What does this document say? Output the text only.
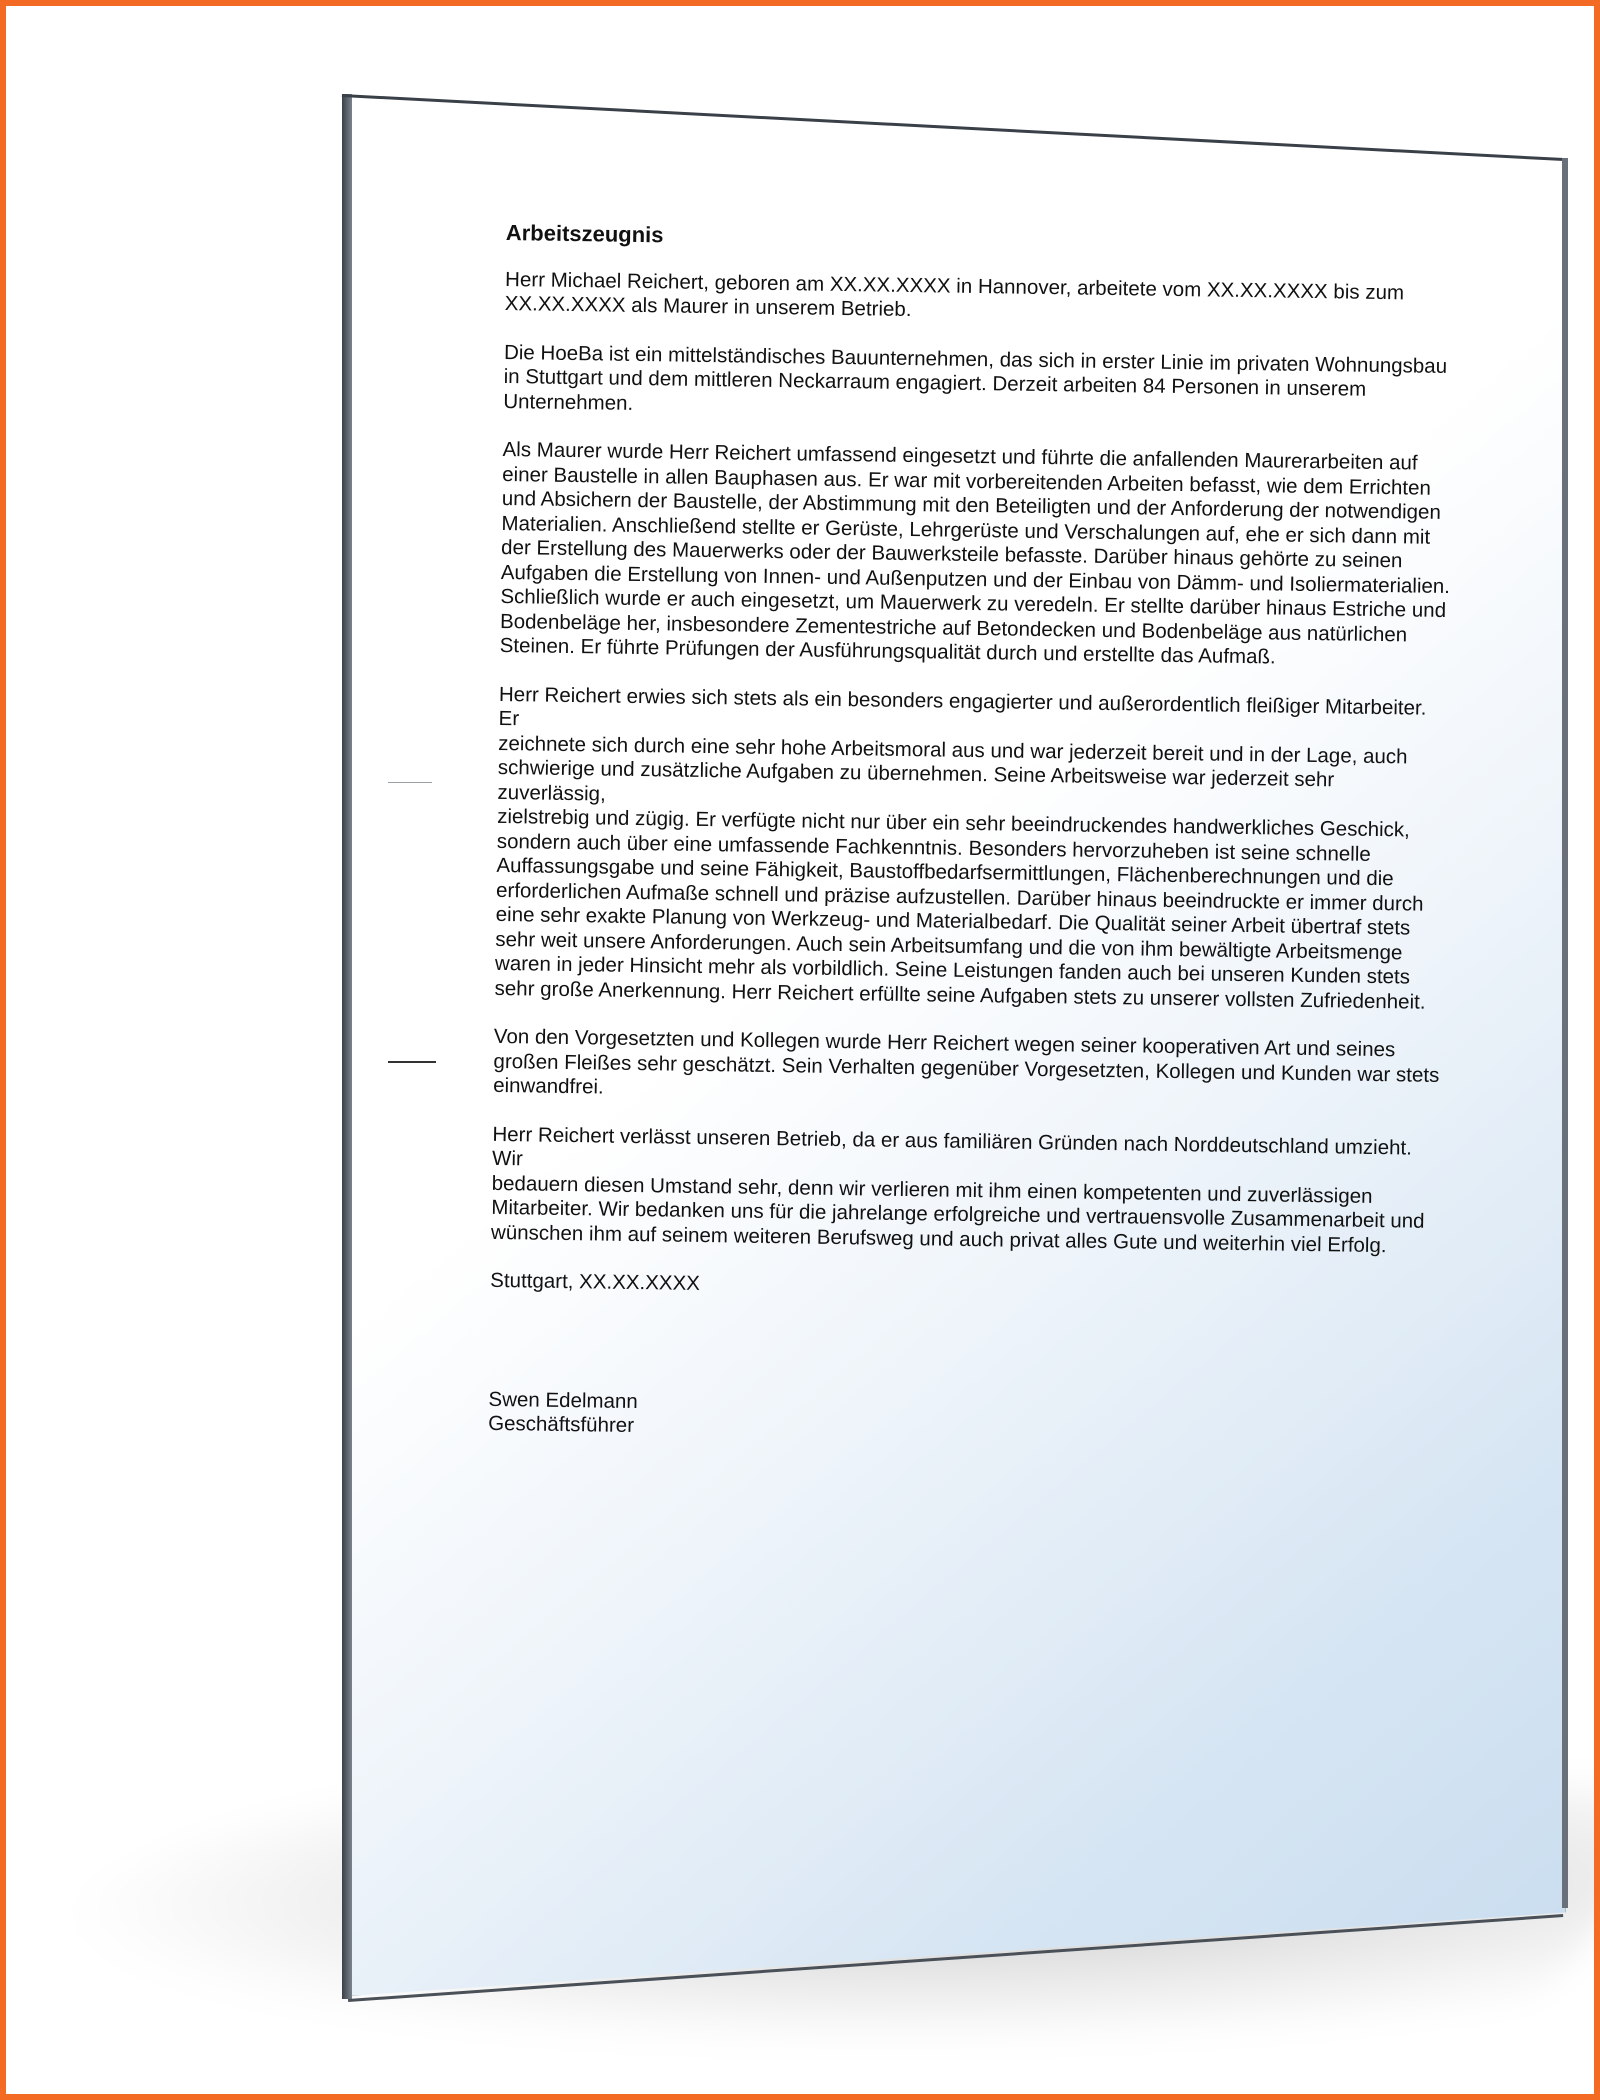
Arbeitszeugnis
Herr Michael Reichert, geboren am XX.XX.XXXX in Hannover, arbeitete vom XX.XX.XXXX bis zum
XX.XX.XXXX als Maurer in unserem Betrieb.
Die HoeBa ist ein mittelständisches Bauunternehmen, das sich in erster Linie im privaten Wohnungsbau
in Stuttgart und dem mittleren Neckarraum engagiert. Derzeit arbeiten 84 Personen in unserem
Unternehmen.
Als Maurer wurde Herr Reichert umfassend eingesetzt und führte die anfallenden Maurerarbeiten auf
einer Baustelle in allen Bauphasen aus. Er war mit vorbereitenden Arbeiten befasst, wie dem Errichten
und Absichern der Baustelle, der Abstimmung mit den Beteiligten und der Anforderung der notwendigen
Materialien. Anschließend stellte er Gerüste, Lehrgerüste und Verschalungen auf, ehe er sich dann mit
der Erstellung des Mauerwerks oder der Bauwerksteile befasste. Darüber hinaus gehörte zu seinen
Aufgaben die Erstellung von Innen- und Außenputzen und der Einbau von Dämm- und Isoliermaterialien.
Schließlich wurde er auch eingesetzt, um Mauerwerk zu veredeln. Er stellte darüber hinaus Estriche und
Bodenbeläge her, insbesondere Zementestriche auf Betondecken und Bodenbeläge aus natürlichen
Steinen. Er führte Prüfungen der Ausführungsqualität durch und erstellte das Aufmaß.
Herr Reichert erwies sich stets als ein besonders engagierter und außerordentlich fleißiger Mitarbeiter. Er
zeichnete sich durch eine sehr hohe Arbeitsmoral aus und war jederzeit bereit und in der Lage, auch
schwierige und zusätzliche Aufgaben zu übernehmen. Seine Arbeitsweise war jederzeit sehr zuverlässig,
zielstrebig und zügig. Er verfügte nicht nur über ein sehr beeindruckendes handwerkliches Geschick,
sondern auch über eine umfassende Fachkenntnis. Besonders hervorzuheben ist seine schnelle
Auffassungsgabe und seine Fähigkeit, Baustoffbedarfsermittlungen, Flächenberechnungen und die
erforderlichen Aufmaße schnell und präzise aufzustellen. Darüber hinaus beeindruckte er immer durch
eine sehr exakte Planung von Werkzeug- und Materialbedarf. Die Qualität seiner Arbeit übertraf stets
sehr weit unsere Anforderungen. Auch sein Arbeitsumfang und die von ihm bewältigte Arbeitsmenge
waren in jeder Hinsicht mehr als vorbildlich. Seine Leistungen fanden auch bei unseren Kunden stets
sehr große Anerkennung. Herr Reichert erfüllte seine Aufgaben stets zu unserer vollsten Zufriedenheit.
Von den Vorgesetzten und Kollegen wurde Herr Reichert wegen seiner kooperativen Art und seines
großen Fleißes sehr geschätzt. Sein Verhalten gegenüber Vorgesetzten, Kollegen und Kunden war stets
einwandfrei.
Herr Reichert verlässt unseren Betrieb, da er aus familiären Gründen nach Norddeutschland umzieht. Wir
bedauern diesen Umstand sehr, denn wir verlieren mit ihm einen kompetenten und zuverlässigen
Mitarbeiter. Wir bedanken uns für die jahrelange erfolgreiche und vertrauensvolle Zusammenarbeit und
wünschen ihm auf seinem weiteren Berufsweg und auch privat alles Gute und weiterhin viel Erfolg.
Stuttgart, XX.XX.XXXX
Swen Edelmann
Geschäftsführer
